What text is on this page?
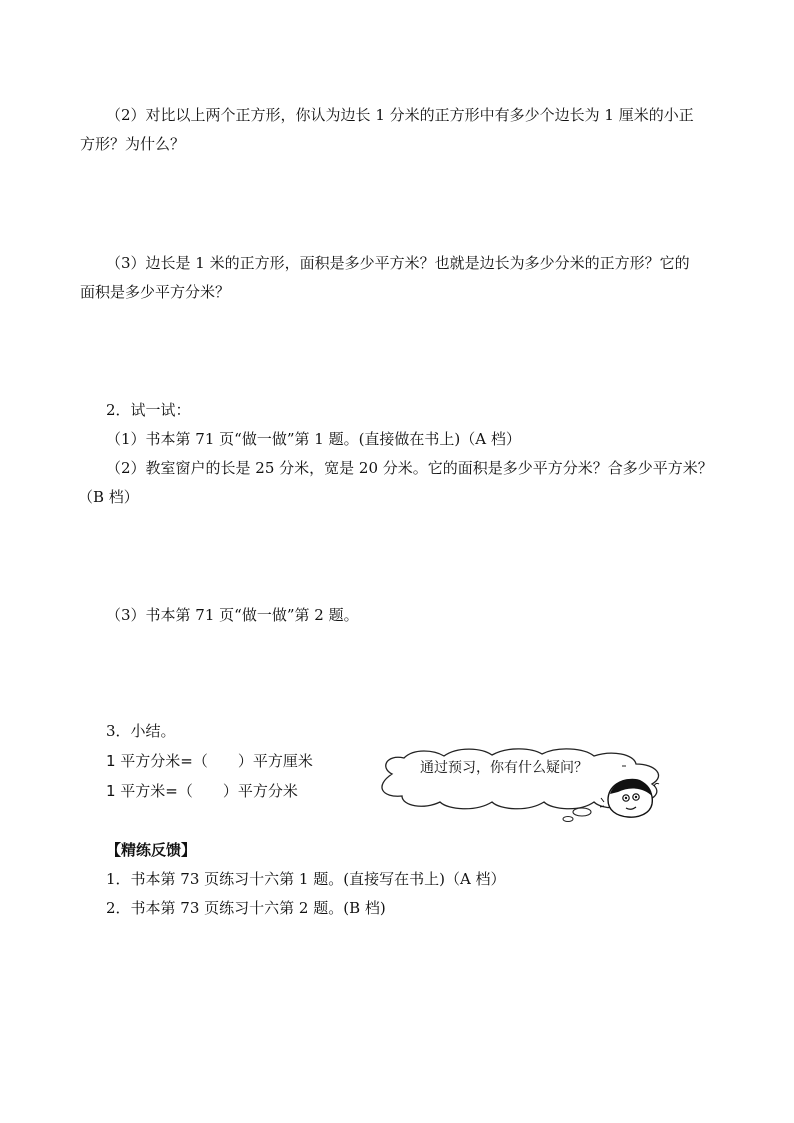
（2）对比以上两个正方形，你认为边长 1 分米的正方形中有多少个边长为 1 厘米的小正
方形？为什么？
（3）边长是 1 米的正方形，面积是多少平方米？也就是边长为多少分米的正方形？它的
面积是多少平方分米？
2．试一试：
（1）书本第 71 页“做一做”第 1 题。(直接做在书上)（A 档）
（2）教室窗户的长是 25 分米，宽是 20 分米。它的面积是多少平方分米？合多少平方米？
（B 档）
（3）书本第 71 页“做一做”第 2 题。
3．小结。
1 平方分米=（　　）平方厘米
1 平方米=（　　）平方分米
通过预习，你有什么疑问？
【精练反馈】
1．书本第 73 页练习十六第 1 题。(直接写在书上)（A 档）
2．书本第 73 页练习十六第 2 题。(B 档)
